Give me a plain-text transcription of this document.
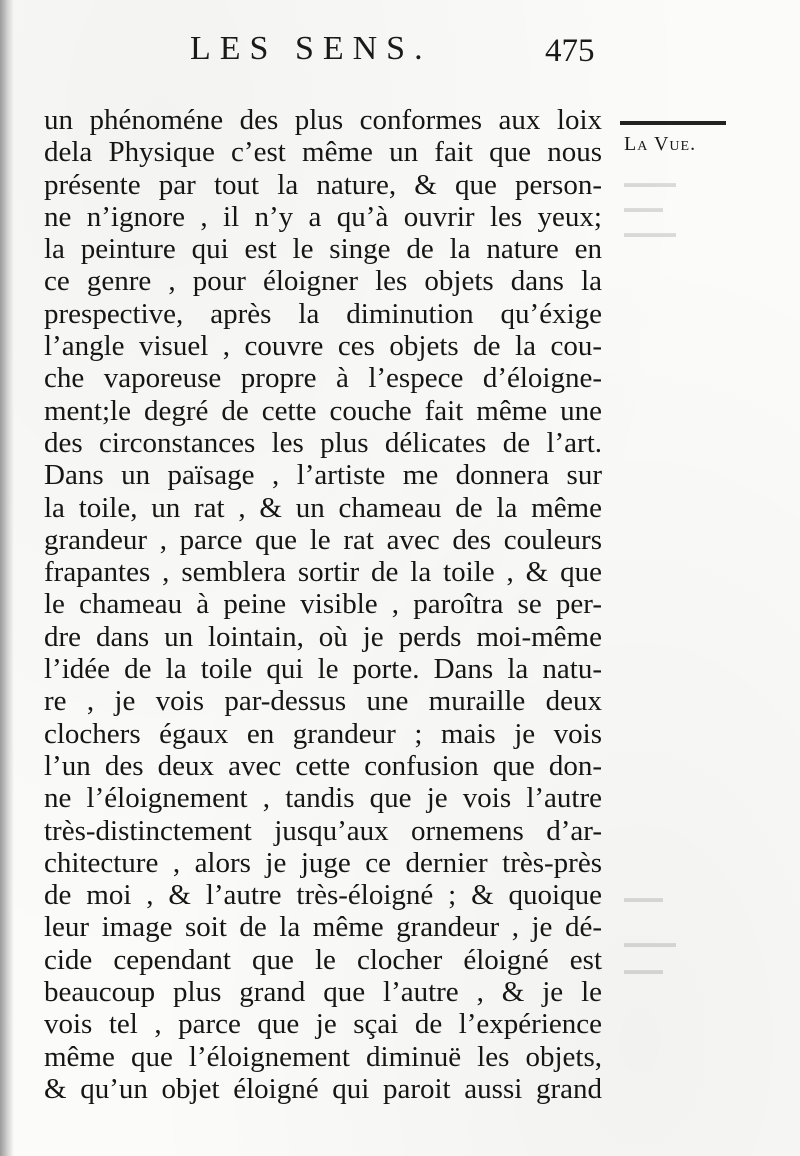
LES SENS.	475
La Vue.
▬▬▬▬
▬▬▬
▬▬▬▬
▬▬▬
▬▬▬▬
▬▬▬
un phénoméne des plus conformes aux loix
dela Physique c’est même un fait que nous
présente par tout la nature, & que person-
ne n’ignore , il n’y a qu’à ouvrir les yeux;
la peinture qui est le singe de la nature en
ce genre , pour éloigner les objets dans la
prespective, après la diminution qu’éxige
l’angle visuel , couvre ces objets de la cou-
che vaporeuse propre à l’espece d’éloigne-
ment;le degré de cette couche fait même une
des circonstances les plus délicates de l’art.
Dans un païsage , l’artiste me donnera sur
la toile, un rat , & un chameau de la même
grandeur , parce que le rat avec des couleurs
frapantes , semblera sortir de la toile , & que
le chameau à peine visible , paroîtra se per-
dre dans un lointain, où je perds moi-même
l’idée de la toile qui le porte. Dans la natu-
re , je vois par-dessus une muraille deux
clochers égaux en grandeur ; mais je vois
l’un des deux avec cette confusion que don-
ne l’éloignement , tandis que je vois l’autre
très-distinctement jusqu’aux ornemens d’ar-
chitecture , alors je juge ce dernier très-près
de moi , & l’autre très-éloigné ; & quoique
leur image soit de la même grandeur , je dé-
cide cependant que le clocher éloigné est
beaucoup plus grand que l’autre , & je le
vois tel , parce que je sçai de l’expérience
même que l’éloignement diminuë les objets,
& qu’un objet éloigné qui paroit aussi grand
